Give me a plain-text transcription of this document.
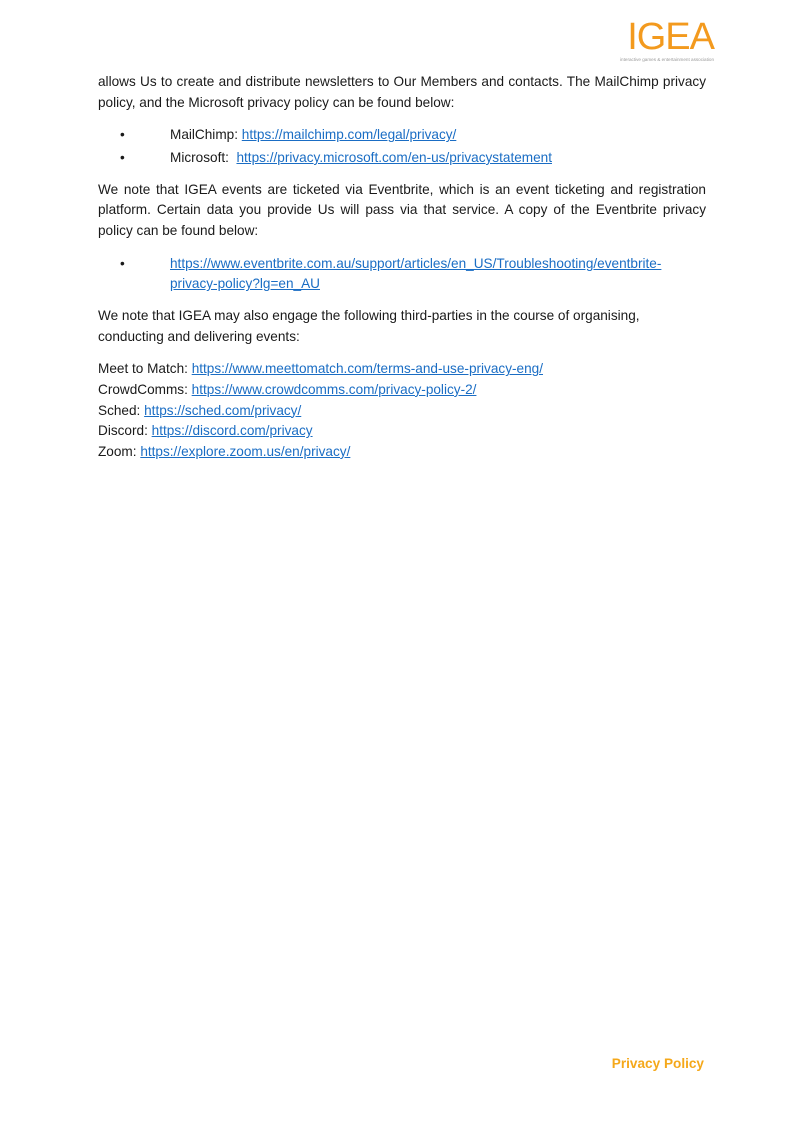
IGEA
interactive games & entertainment association

allows Us to create and distribute newsletters to Our Members and contacts. The MailChimp privacy policy, and the Microsoft privacy policy can be found below:

•	MailChimp: https://mailchimp.com/legal/privacy/
•	Microsoft:  https://privacy.microsoft.com/en-us/privacystatement

We note that IGEA events are ticketed via Eventbrite, which is an event ticketing and registration platform. Certain data you provide Us will pass via that service. A copy of the Eventbrite privacy policy can be found below:

•	https://www.eventbrite.com.au/support/articles/en_US/Troubleshooting/eventbrite-
privacy-policy?lg=en_AU

We note that IGEA may also engage the following third-parties in the course of organising, conducting and delivering events:

Meet to Match: https://www.meettomatch.com/terms-and-use-privacy-eng/
CrowdComms: https://www.crowdcomms.com/privacy-policy-2/
Sched: https://sched.com/privacy/
Discord: https://discord.com/privacy
Zoom: https://explore.zoom.us/en/privacy/
Privacy Policy
